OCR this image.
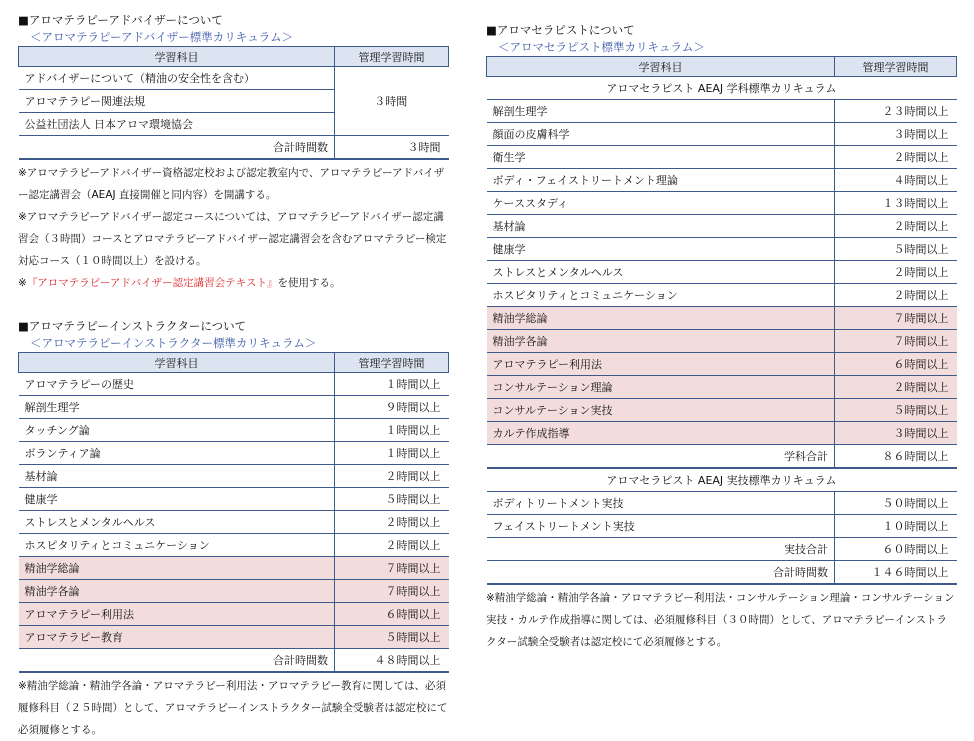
■アロマテラピーアドバイザーについて
＜アロマテラピーアドバイザー標準カリキュラム＞
学習科目	管理学習時間
アドバイザーについて（精油の安全性を含む）	３時間
アロマテラピー関連法規	
公益社団法人 日本アロマ環境協会	
合計時間数	３時間
※アロマテラピーアドバイザー資格認定校および認定教室内で、アロマテラピーアドバイザー認定講習会（AEAJ 直接開催と同内容）を開講する。
※アロマテラピーアドバイザー認定コースについては、アロマテラピーアドバイザー認定講習会（３時間）コースとアロマテラピーアドバイザー認定講習会を含むアロマテラピー検定対応コース（１０時間以上）を設ける。
※『アロマテラピーアドバイザー認定講習会テキスト』を使用する。
■アロマテラピーインストラクターについて
＜アロマテラピーインストラクター標準カリキュラム＞
学習科目	管理学習時間
アロマテラピーの歴史	１時間以上
解剖生理学	９時間以上
タッチング論	１時間以上
ボランティア論	１時間以上
基材論	２時間以上
健康学	５時間以上
ストレスとメンタルヘルス	２時間以上
ホスピタリティとコミュニケーション	２時間以上
精油学総論	７時間以上
精油学各論	７時間以上
アロマテラピー利用法	６時間以上
アロマテラピー教育	５時間以上
合計時間数	４８時間以上
※精油学総論・精油学各論・アロマテラピー利用法・アロマテラピー教育に関しては、必須履修科目（２５時間）として、アロマテラピーインストラクター試験全受験者は認定校にて必須履修とする。
■アロマセラピストについて
＜アロマセラピスト標準カリキュラム＞
学習科目	管理学習時間
アロマセラピスト AEAJ 学科標準カリキュラム	
解剖生理学	２３時間以上
顔面の皮膚科学	３時間以上
衛生学	２時間以上
ボディ・フェイストリートメント理論	４時間以上
ケーススタディ	１３時間以上
基材論	２時間以上
健康学	５時間以上
ストレスとメンタルヘルス	２時間以上
ホスピタリティとコミュニケーション	２時間以上
精油学総論	７時間以上
精油学各論	７時間以上
アロマテラピー利用法	６時間以上
コンサルテーション理論	２時間以上
コンサルテーション実技	５時間以上
カルテ作成指導	３時間以上
学科合計	８６時間以上
アロマセラピスト AEAJ 実技標準カリキュラム	
ボディトリートメント実技	５０時間以上
フェイストリートメント実技	１０時間以上
実技合計	６０時間以上
合計時間数	１４６時間以上
※精油学総論・精油学各論・アロマテラピー利用法・コンサルテーション理論・コンサルテーション実技・カルテ作成指導に関しては、必須履修科目（３０時間）として、アロマテラピーインストラクター試験全受験者は認定校にて必須履修とする。
